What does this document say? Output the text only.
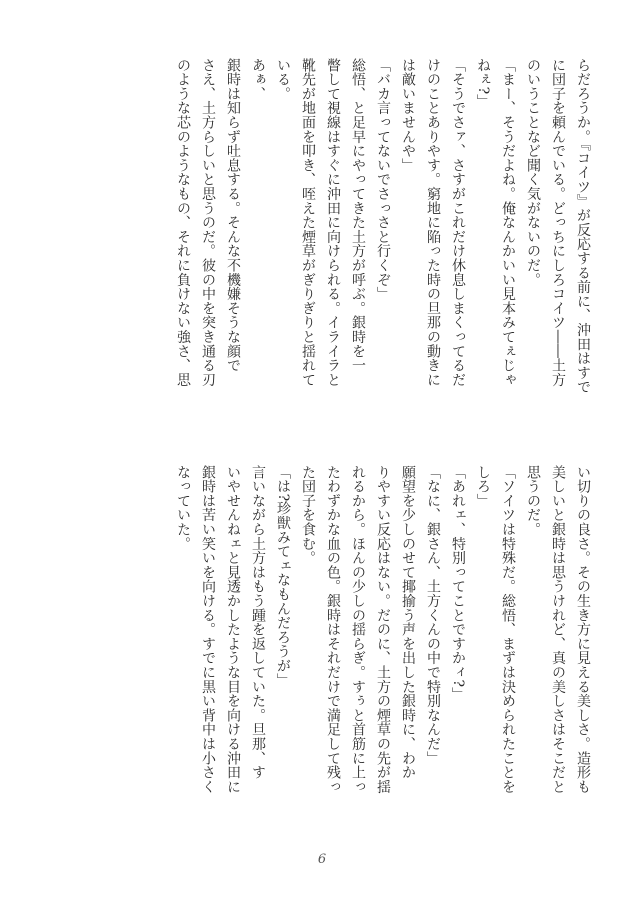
らだろうか。『コイツ』が反応する前に、沖田はすで
に団子を頼んでいる。どっちにしろコイツ――土方
のいうことなど聞く気がないのだ。
「まー、そうだよね。俺なんかいい見本みてぇじゃ
ねぇ?」
「そうでさァ、さすがこれだけ休息しまくってるだ
けのことありやす。窮地に陥った時の旦那の動きに
は敵いませんや」
「バカ言ってないでさっさと行くぞ」
総悟、と足早にやってきた土方が呼ぶ。銀時を一
瞥して視線はすぐに沖田に向けられる。イライラと
靴先が地面を叩き、咥えた煙草がぎりぎりと揺れて
いる。
あぁ、
銀時は知らず吐息する。そんな不機嫌そうな顔で
さえ、土方らしいと思うのだ。彼の中を突き通る刃
のような芯のようなもの、それに負けない強さ、思
い切りの良さ。その生き方に見える美しさ。造形も
美しいと銀時は思うけれど、真の美しさはそこだと
思うのだ。
「ソイツは特殊だ。総悟、まずは決められたことを
しろ」
「あれェ、特別ってことですかィ?」
「なに、銀さん、土方くんの中で特別なんだ」
願望を少しのせて揶揄う声を出した銀時に、わか
りやすい反応はない。だのに、土方の煙草の先が揺
れるから。ほんの少しの揺らぎ。すぅと首筋に上っ
たわずかな血の色。銀時はそれだけで満足して残っ
た団子を食む。
「は?珍獣みてェなもんだろうが」
言いながら土方はもう踵を返していた。旦那、す
いやせんねェと見透かしたような目を向ける沖田に
銀時は苦い笑いを向ける。すでに黒い背中は小さく
なっていた。
6
